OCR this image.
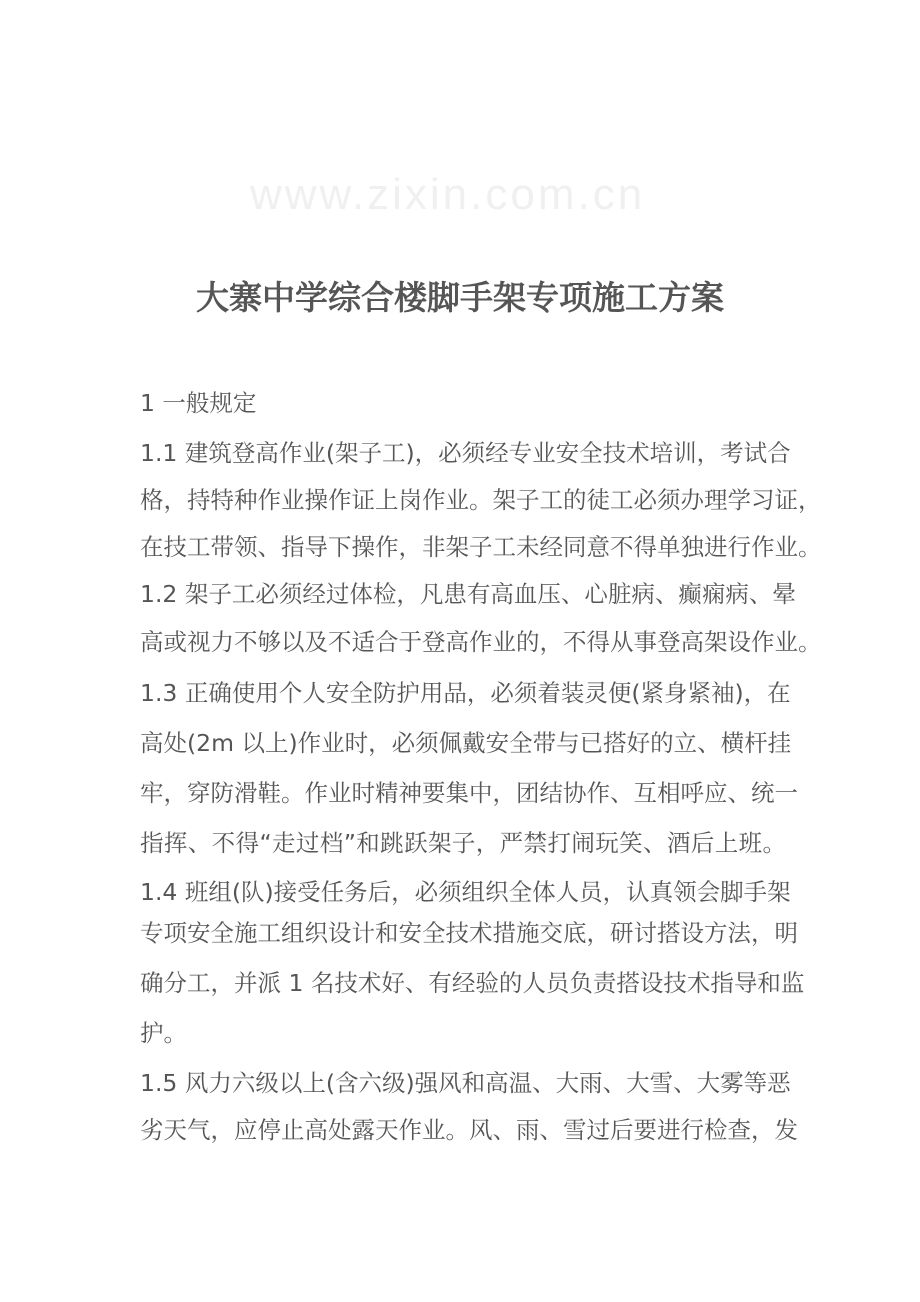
www.zixin.com.cn
大寨中学综合楼脚手架专项施工方案
1 一般规定
1.1 建筑登高作业(架子工)，必须经专业安全技术培训，考试合
格，持特种作业操作证上岗作业。架子工的徒工必须办理学习证，
在技工带领、指导下操作，非架子工未经同意不得单独进行作业。
1.2 架子工必须经过体检，凡患有高血压、心脏病、癫痫病、晕
高或视力不够以及不适合于登高作业的，不得从事登高架设作业。
1.3 正确使用个人安全防护用品，必须着装灵便(紧身紧袖)，在
高处(2m 以上)作业时，必须佩戴安全带与已搭好的立、横杆挂
牢，穿防滑鞋。作业时精神要集中，团结协作、互相呼应、统一
指挥、不得“走过档”和跳跃架子，严禁打闹玩笑、酒后上班。
1.4 班组(队)接受任务后，必须组织全体人员，认真领会脚手架
专项安全施工组织设计和安全技术措施交底，研讨搭设方法，明
确分工，并派 1 名技术好、有经验的人员负责搭设技术指导和监
护。
1.5 风力六级以上(含六级)强风和高温、大雨、大雪、大雾等恶
劣天气，应停止高处露天作业。风、雨、雪过后要进行检查，发
